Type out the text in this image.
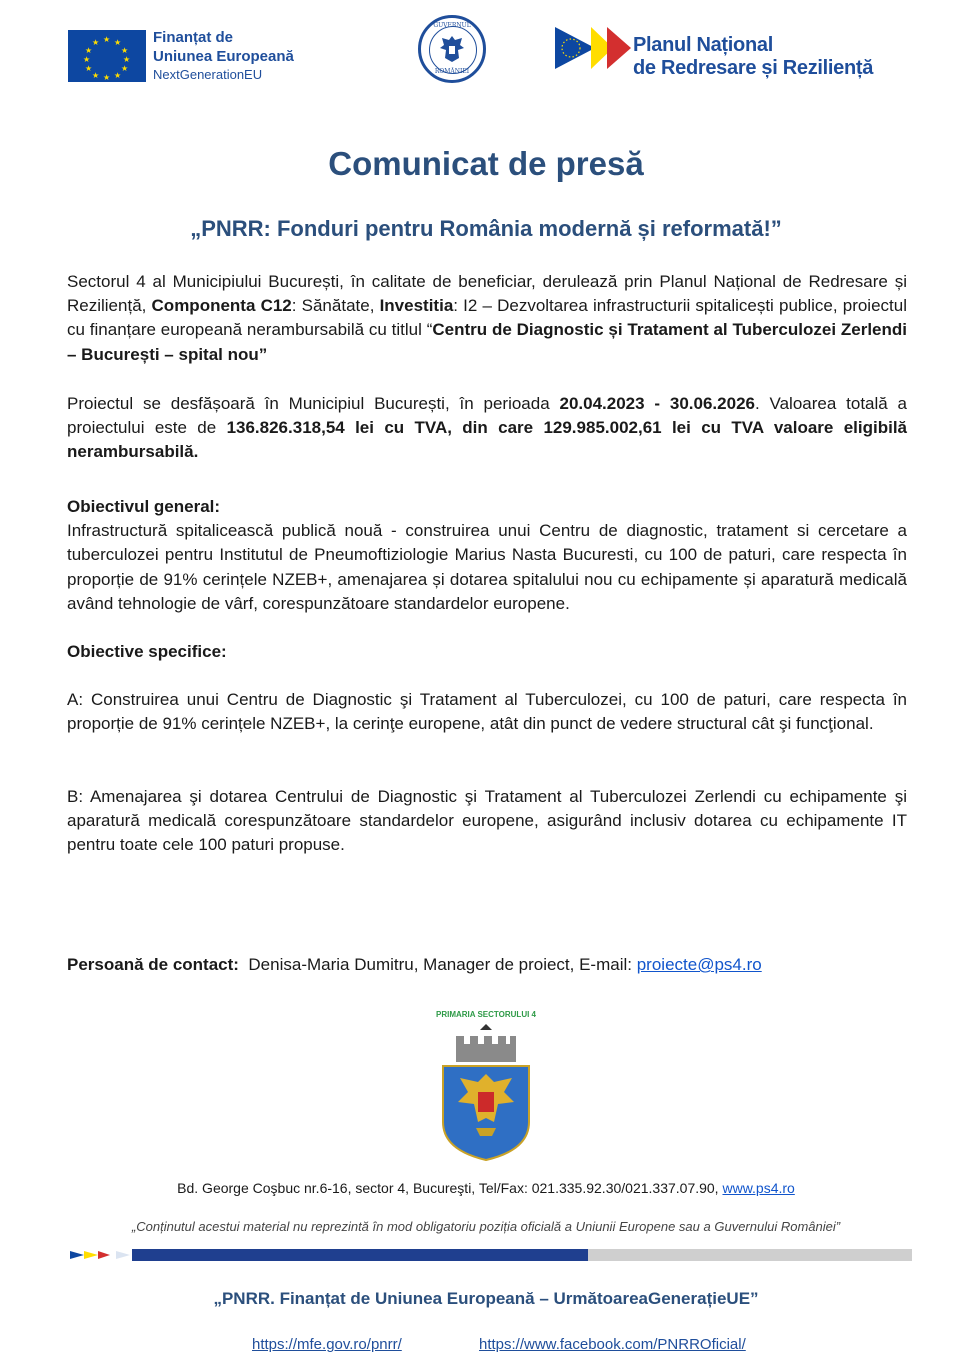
★ ★
★
★
★
★
★
★
★
★
★
★	Finanțat de
Uniunea Europeană
NextGenerationEU
GUVERNUL
ROMÂNIEI
Planul Național
de Redresare și Reziliență
Comunicat de presă
„PNRR: Fonduri pentru România modernă și reformată!”

Sectorul 4 al Municipiului București, în calitate de beneficiar, derulează prin Planul Național de Redresare și Reziliență, Componenta C12: Sănătate, Investitia: I2 – Dezvoltarea infrastructurii spitalicești publice, proiectul cu finanțare europeană nerambursabilă cu titlul “Centru de Diagnostic și Tratament al Tuberculozei Zerlendi – București – spital nou”

Proiectul se desfășoară în Municipiul București, în perioada 20.04.2023 - 30.06.2026. Valoarea totală a proiectului este de 136.826.318,54 lei cu TVA, din care 129.985.002,61 lei cu TVA valoare eligibilă nerambursabilă.

Obiectivul general:

Infrastructură spitalicească publică nouă - construirea unui Centru de diagnostic, tratament si cercetare a tuberculozei pentru Institutul de Pneumoftiziologie Marius Nasta Bucuresti, cu 100 de paturi, care respecta în proporție de 91% cerințele NZEB+, amenajarea și dotarea spitalului nou cu echipamente și aparatură medicală având tehnologie de vârf, corespunzătoare standardelor europene.

Obiective specifice:

A: Construirea unui Centru de Diagnostic şi Tratament al Tuberculozei, cu 100 de paturi, care respecta în proporție de 91% cerințele NZEB+, la cerinţe europene, atât din punct de vedere structural cât şi funcţional.

B: Amenajarea şi dotarea Centrului de Diagnostic şi Tratament al Tuberculozei Zerlendi cu echipamente şi aparatură medicală corespunzătoare standardelor europene, asigurând inclusiv dotarea cu echipamente IT pentru toate cele 100 paturi propuse.

Persoană de contact: Denisa-Maria Dumitru, Manager de proiect, E-mail: proiecte@ps4.ro
PRIMARIA SECTORULUI 4
Bd. George Coşbuc nr.6-16, sector 4, Bucureşti, Tel/Fax: 021.335.92.30/021.337.07.90, www.ps4.ro
„Conținutul acestui material nu reprezintă în mod obligatoriu poziția oficială a Uniunii Europene sau a Guvernului României”
„PNRR. Finanțat de Uniunea Europeană – UrmătoareaGenerațieUE”
https://mfe.gov.ro/pnrr/	https://www.facebook.com/PNRROficial/
